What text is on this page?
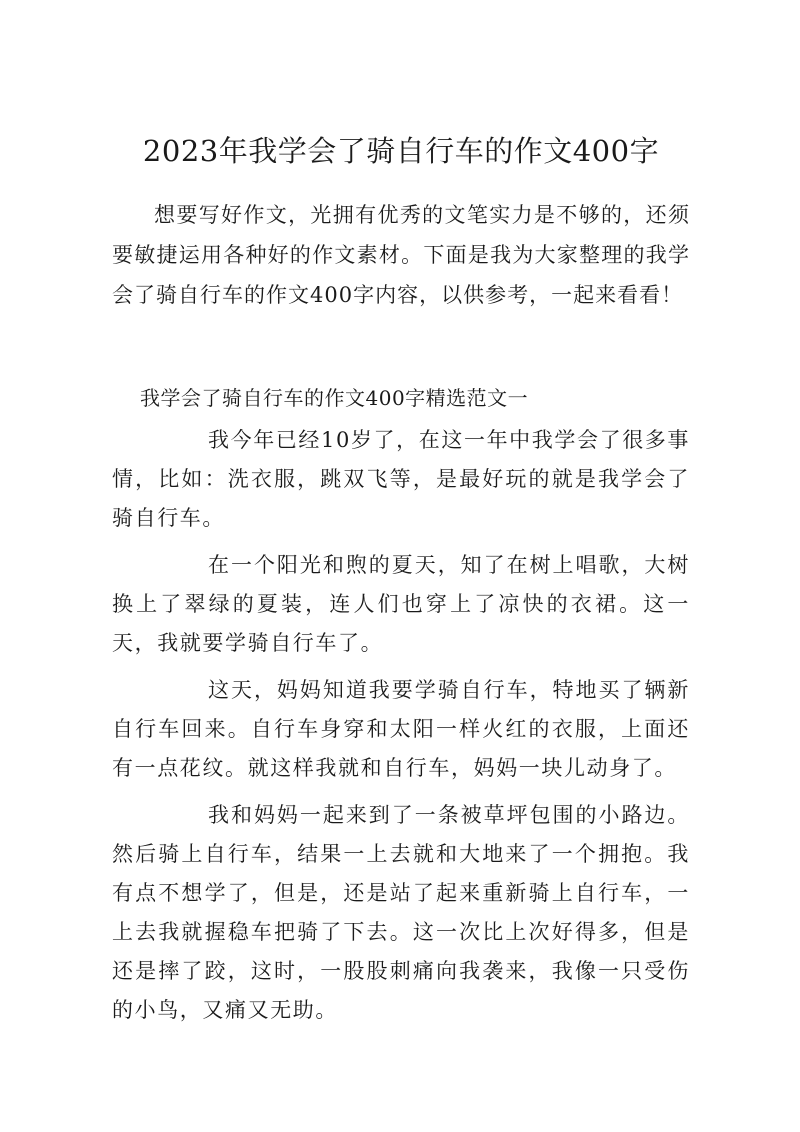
2023年我学会了骑自行车的作文400字

想要写好作文，光拥有优秀的文笔实力是不够的，还须要敏捷运用各种好的作文素材。下面是我为大家整理的我学会了骑自行车的作文400字内容，以供参考，一起来看看！

我学会了骑自行车的作文400字精选范文一

我今年已经10岁了，在这一年中我学会了很多事情，比如：洗衣服，跳双飞等，是最好玩的就是我学会了骑自行车。

在一个阳光和煦的夏天，知了在树上唱歌，大树换上了翠绿的夏装，连人们也穿上了凉快的衣裙。这一天，我就要学骑自行车了。

这天，妈妈知道我要学骑自行车，特地买了辆新自行车回来。自行车身穿和太阳一样火红的衣服，上面还有一点花纹。就这样我就和自行车，妈妈一块儿动身了。

我和妈妈一起来到了一条被草坪包围的小路边。然后骑上自行车，结果一上去就和大地来了一个拥抱。我有点不想学了，但是，还是站了起来重新骑上自行车，一上去我就握稳车把骑了下去。这一次比上次好得多，但是还是摔了跤，这时，一股股刺痛向我袭来，我像一只受伤的小鸟，又痛又无助。
